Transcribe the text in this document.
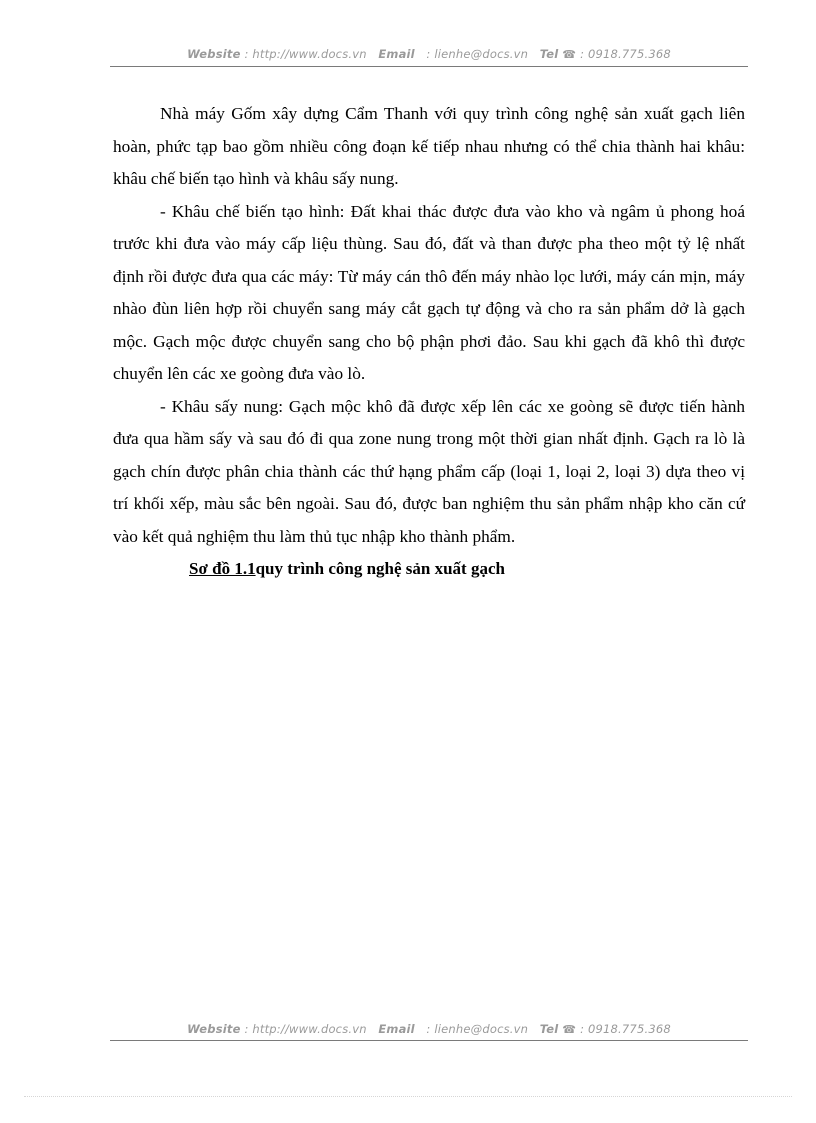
Website : http://www.docs.vn Email : lienhe@docs.vn Tel ☎ : 0918.775.368

Nhà máy Gốm xây dựng Cẩm Thanh với quy trình công nghệ sản xuất gạch liên hoàn, phức tạp bao gồm nhiều công đoạn kế tiếp nhau nhưng có thể chia thành hai khâu: khâu chế biến tạo hình và khâu sấy nung.

- Khâu chế biến tạo hình: Đất khai thác được đưa vào kho và ngâm ủ phong hoá trước khi đưa vào máy cấp liệu thùng. Sau đó, đất và than được pha theo một tỷ lệ nhất định rồi được đưa qua các máy: Từ máy cán thô đến máy nhào lọc lưới, máy cán mịn, máy nhào đùn liên hợp rồi chuyển sang máy cắt gạch tự động và cho ra sản phẩm dở là gạch mộc. Gạch mộc được chuyển sang cho bộ phận phơi đảo. Sau khi gạch đã khô thì được chuyển lên các xe goòng đưa vào lò.

- Khâu sấy nung: Gạch mộc khô đã được xếp lên các xe goòng sẽ được tiến hành đưa qua hầm sấy và sau đó đi qua zone nung trong một thời gian nhất định. Gạch ra lò là gạch chín được phân chia thành các thứ hạng phẩm cấp (loại 1, loại 2, loại 3) dựa theo vị trí khối xếp, màu sắc bên ngoài. Sau đó, được ban nghiệm thu sản phẩm nhập kho căn cứ vào kết quả nghiệm thu làm thủ tục nhập kho thành phẩm.

Sơ đồ 1.1quy trình công nghệ sản xuất gạch

Website : http://www.docs.vn Email : lienhe@docs.vn Tel ☎ : 0918.775.368
